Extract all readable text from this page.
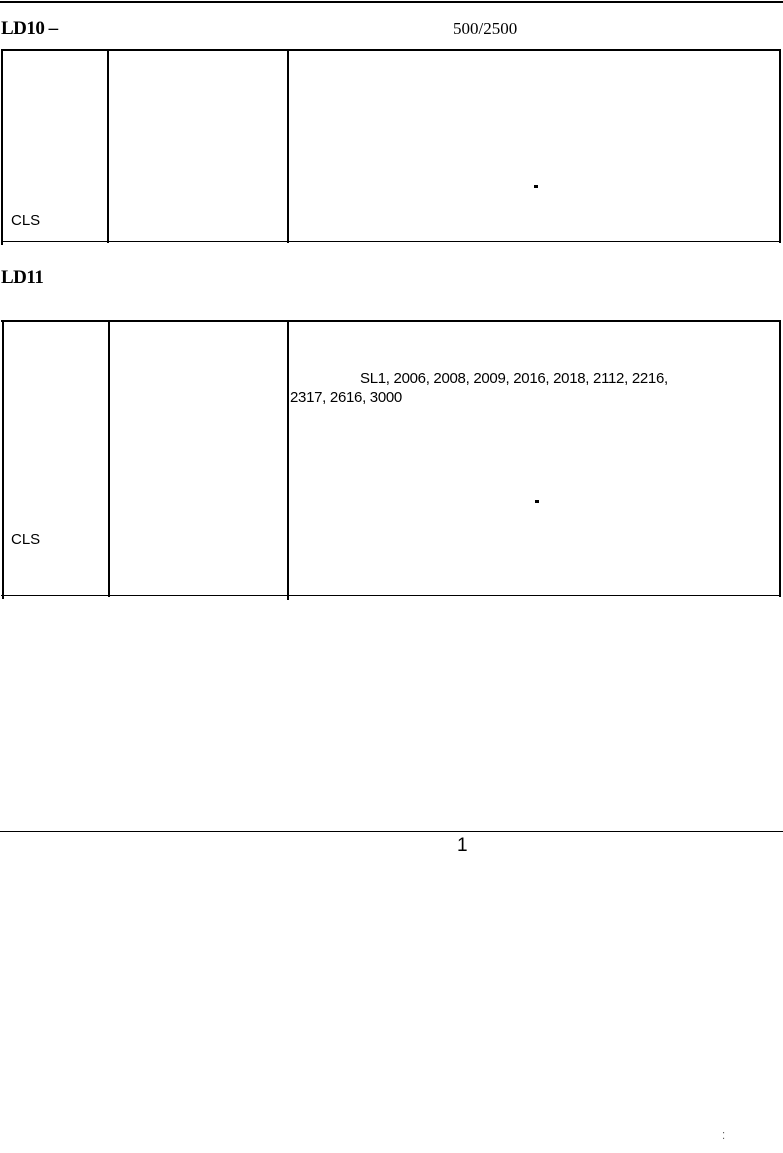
LD10 –	500/2500
CLS
LD11
SL1, 2006, 2008, 2009, 2016, 2018, 2112, 2216,
2317, 2616, 3000
CLS
1
⁚
